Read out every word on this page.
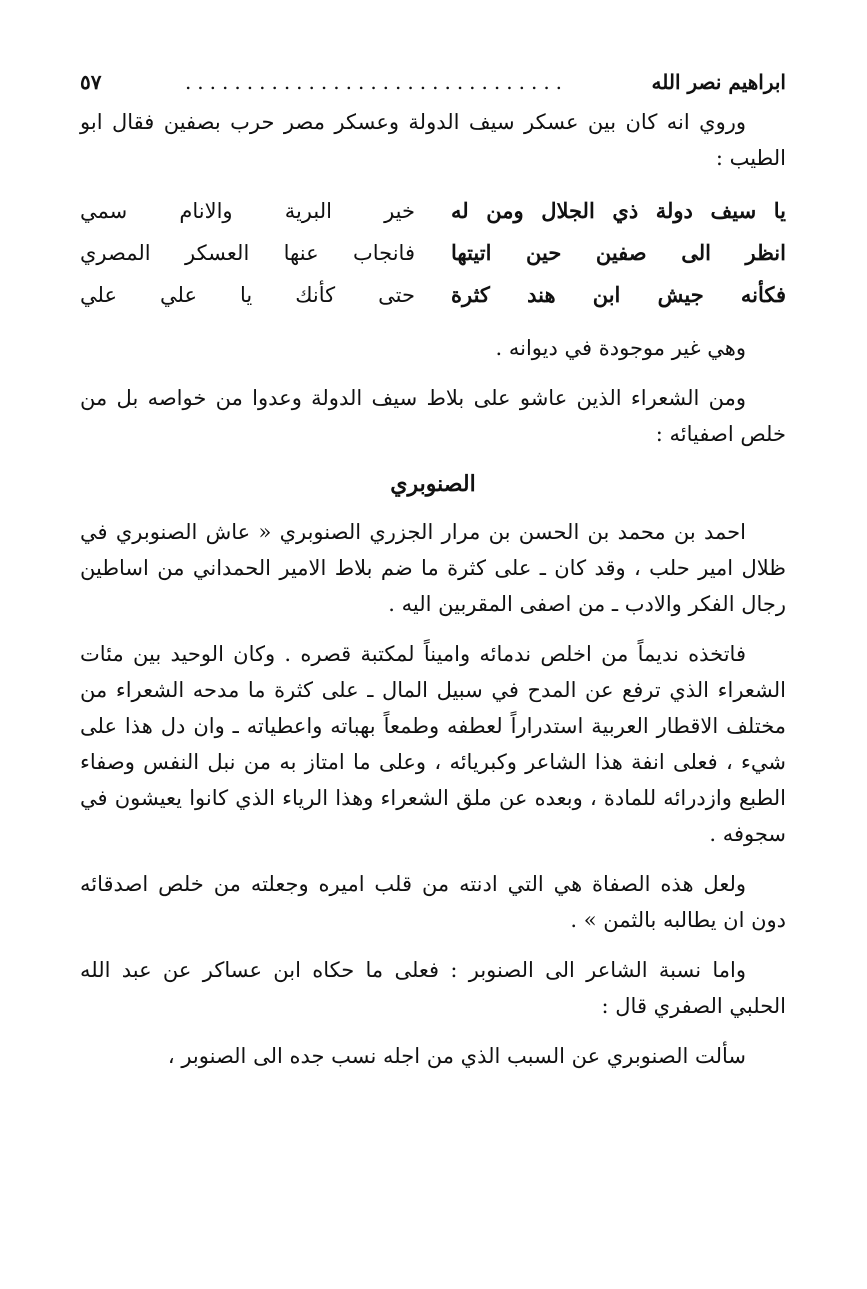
ابراهيم نصر الله
...............................
٥٧

وروي انه كان بين عسكر سيف الدولة وعسكر مصر حرب بصفين فقال ابو الطيب :

يا سيف دولة ذي الجلال ومن له
خير البرية والانام سمي
انظر الى صفين حين اتيتها
فانجاب عنها العسكر المصري
فكأنه جيش ابن هند كثرة
حتى كأنك يا علي علي

وهي غير موجودة في ديوانه .

ومن الشعراء الذين عاشو على بلاط سيف الدولة وعدوا من خواصه بل من خلص اصفيائه :

الصنوبري

احمد بن محمد بن الحسن بن مرار الجزري الصنوبري « عاش الصنوبري في ظلال امير حلب ، وقد كان ـ على كثرة ما ضم بلاط الامير الحمداني من اساطين رجال الفكر والادب ـ من اصفى المقربين اليه .

فاتخذه نديماً من اخلص ندمائه واميناً لمكتبة قصره . وكان الوحيد بين مئات الشعراء الذي ترفع عن المدح في سبيل المال ـ على كثرة ما مدحه الشعراء من مختلف الاقطار العربية استدراراً لعطفه وطمعاً بهباته واعطياته ـ وان دل هذا على شيء ، فعلى انفة هذا الشاعر وكبريائه ، وعلى ما امتاز به من نبل النفس وصفاء الطبع وازدرائه للمادة ، وبعده عن ملق الشعراء وهذا الرياء الذي كانوا يعيشون في سجوفه .

ولعل هذه الصفاة هي التي ادنته من قلب اميره وجعلته من خلص اصدقائه دون ان يطالبه بالثمن » .

واما نسبة الشاعر الى الصنوبر : فعلى ما حكاه ابن عساكر عن عبد الله الحلبي الصفري قال :

سألت الصنوبري عن السبب الذي من اجله نسب جده الى الصنوبر ،
